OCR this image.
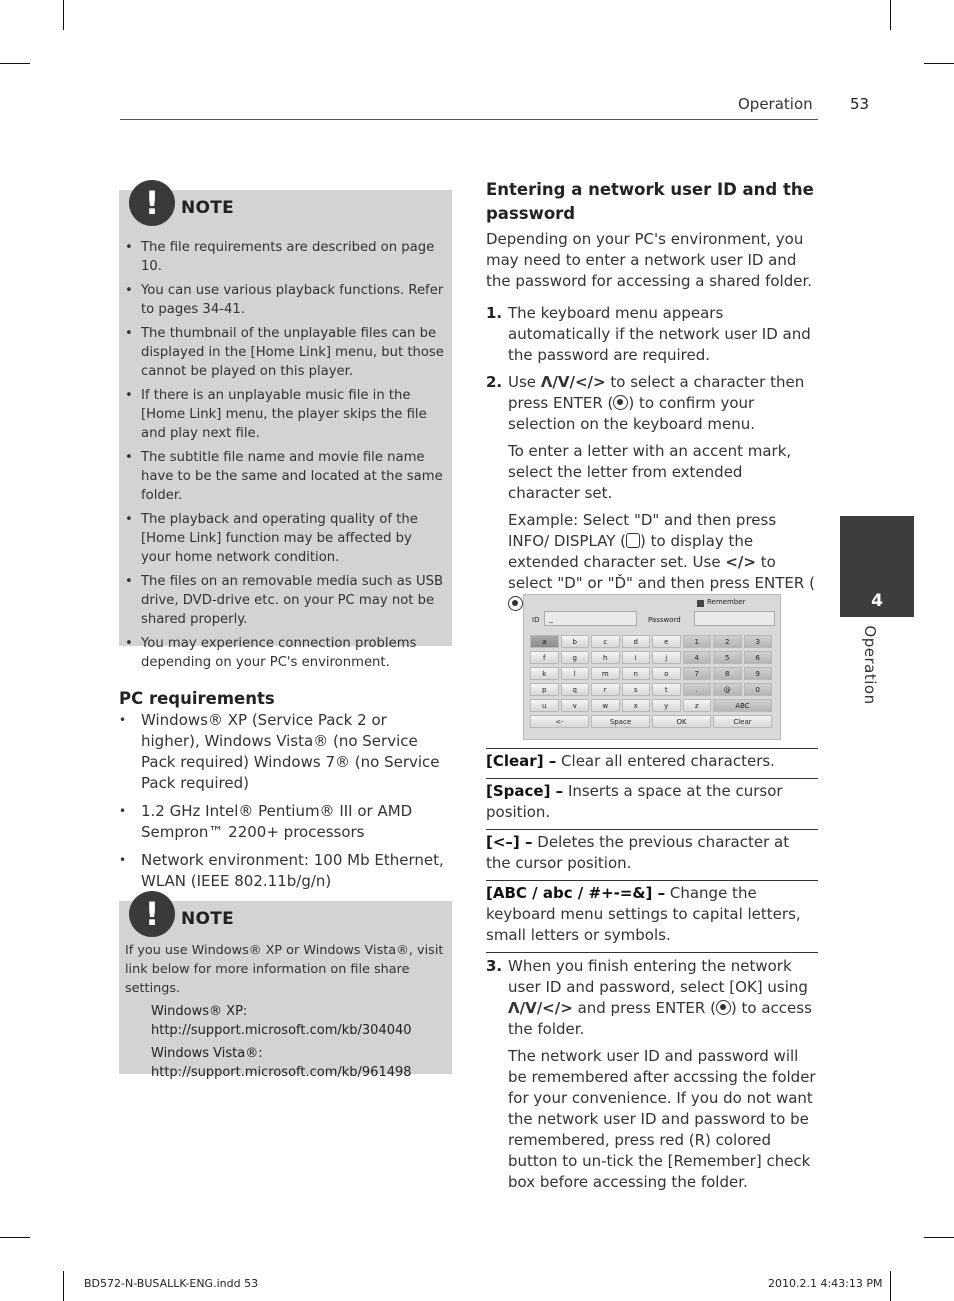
Operation 53
!	NOTE
• The file requirements are described on page 10.
• You can use various playback functions. Refer to pages 34-41.
• The thumbnail of the unplayable files can be displayed in the [Home Link] menu, but those cannot be played on this player.
• If there is an unplayable music file in the [Home Link] menu, the player skips the file and play next file.
• The subtitle file name and movie file name have to be the same and located at the same folder.
• The playback and operating quality of the [Home Link] function may be affected by your home network condition.
• The files on an removable media such as USB drive, DVD-drive etc. on your PC may not be shared properly.
• You may experience connection problems depending on your PC's environment.
PC requirements
• Windows® XP (Service Pack 2 or higher), Windows Vista® (no Service Pack required) Windows 7® (no Service Pack required)
• 1.2 GHz Intel® Pentium® III or AMD Sempron™ 2200+ processors
• Network environment: 100 Mb Ethernet, WLAN (IEEE 802.11b/g/n)
!	NOTE

If you use Windows® XP or Windows Vista®, visit link below for more information on file share settings.

Windows® XP:
http://support.microsoft.com/kb/304040
Windows Vista®:
http://support.microsoft.com/kb/961498
Entering a network user ID and the password

Depending on your PC's environment, you may need to enter a network user ID and the password for accessing a shared folder.

1. The keyboard menu appears automatically if the network user ID and the password are required.

2. Use Λ/V/</> to select a character then press ENTER ( ) to confirm your selection on the keyboard menu.

To enter a letter with an accent mark, select the letter from extended character set.

Example: Select "D" and then press INFO/ DISPLAY ( ) to display the extended character set. Use </> to select "D" or "Ď" and then press ENTER (

Remember
ID	_	Password
a	b	c	d	e	1	2	3
f	g	h	i	j	4	5	6
k	l	m	n	o	7	8	9
p	q	r	s	t	.	@	0
u	v	w	x	y	z	ABC
<-	Space	OK	Clear
[Clear] – Clear all entered characters.
[Space] – Inserts a space at the cursor position.
[<–] – Deletes the previous character at the cursor position.
[ABC / abc / #+-=&] – Change the keyboard menu settings to capital letters, small letters or symbols.
3. When you finish entering the network user ID and password, select [OK] using Λ/V/</> and press ENTER ( ) to access the folder.

The network user ID and password will be remembered after accssing the folder for your convenience. If you do not want the network user ID and password to be remembered, press red (R) colored button to un-tick the [Remember] check box before accessing the folder.

4
Operation
BD572-N-BUSALLK-ENG.indd 53	2010.2.1 4:43:13 PM
